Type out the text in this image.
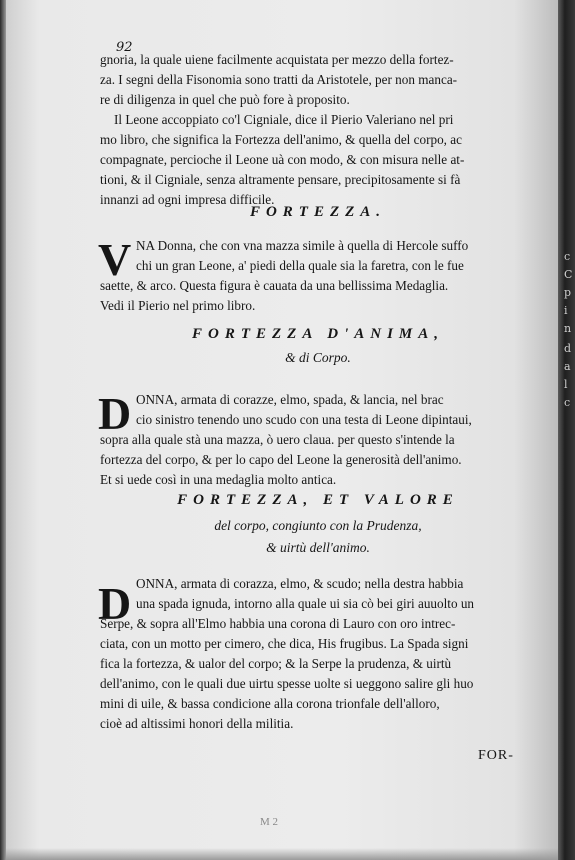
c
C
p
i
n
d
a
l
c
92
gnoria, la quale uiene facilmente acquistata per mezzo della fortez-
za. I segni della Fisonomia sono tratti da Aristotele, per non manca-
re di diligenza in quel che può fore à proposito.
Il Leone accoppiato co'l Cigniale, dice il Pierio Valeriano nel pri
mo libro, che significa la Fortezza dell'animo, & quella del corpo, ac
compagnate, percioche il Leone uà con modo, & con misura nelle at-
tioni, & il Cigniale, senza altramente pensare, precipitosamente si fà
innanzi ad ogni impresa difficile.
FORTEZZA.
V NA Donna, che con vna mazza simile à quella di Hercole suffo
chi un gran Leone, a' piedi della quale sia la faretra, con le fue
saette, & arco. Questa figura è cauata da una bellissima Medaglia.
Vedi il Pierio nel primo libro.
FORTEZZA D'ANIMA,
& di Corpo.
D ONNA, armata di corazze, elmo, spada, & lancia, nel brac
cio sinistro tenendo uno scudo con una testa di Leone dipintaui,
sopra alla quale stà una mazza, ò uero claua. per questo s'intende la
fortezza del corpo, & per lo capo del Leone la generosità dell'animo.
Et si uede così in una medaglia molto antica.
FORTEZZA, ET VALORE
del corpo, congiunto con la Prudenza,
& uirtù dell'animo.
D ONNA, armata di corazza, elmo, & scudo; nella destra habbia
una spada ignuda, intorno alla quale ui sia cò bei giri auuolto un
Serpe, & sopra all'Elmo habbia una corona di Lauro con oro intrec-
ciata, con un motto per cimero, che dica, His frugibus. La Spada signi
fica la fortezza, & ualor del corpo; & la Serpe la prudenza, & uirtù
dell'animo, con le quali due uirtu spesse uolte si ueggono salire gli huo
mini di uile, & bassa condicione alla corona trionfale dell'alloro,
cioè ad altissimi honori della militia.
FOR-
M 2
